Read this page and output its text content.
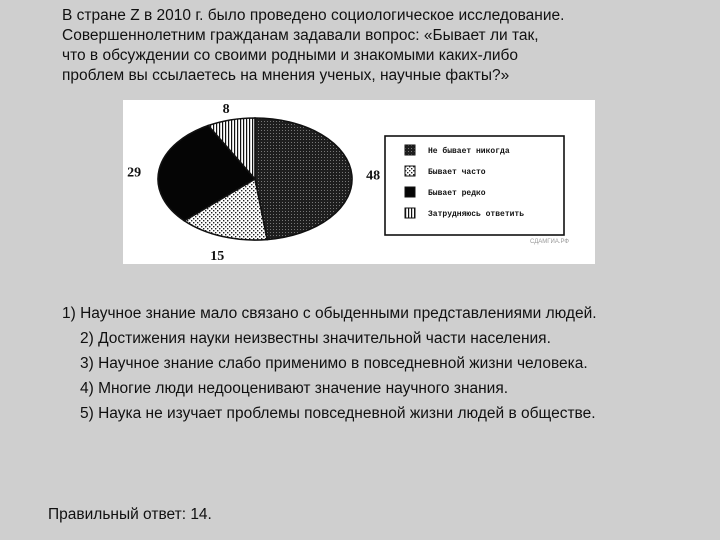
В стране Z в 2010 г. было проведено социологическое исследование.
Совершеннолетним гражданам задавали вопрос: «Бывает ли так,
что в обсуждении со своими родными и знакомыми каких-либо
проблем вы ссылаетесь на мнения ученых, научные факты?»
48
15
29
8
Не бывает никогда
Бывает часто
Бывает редко
Затрудняюсь ответить
СДАМГИА.РФ
1) Научное знание мало связано с обыденными представлениями людей.
2) Достижения науки неизвестны значительной части населения.
3) Научное знание слабо применимо в повседневной жизни человека.
4) Многие люди недооценивают значение научного знания.
5) Наука не изучает проблемы повседневной жизни людей в обществе.
Правильный ответ: 14.
